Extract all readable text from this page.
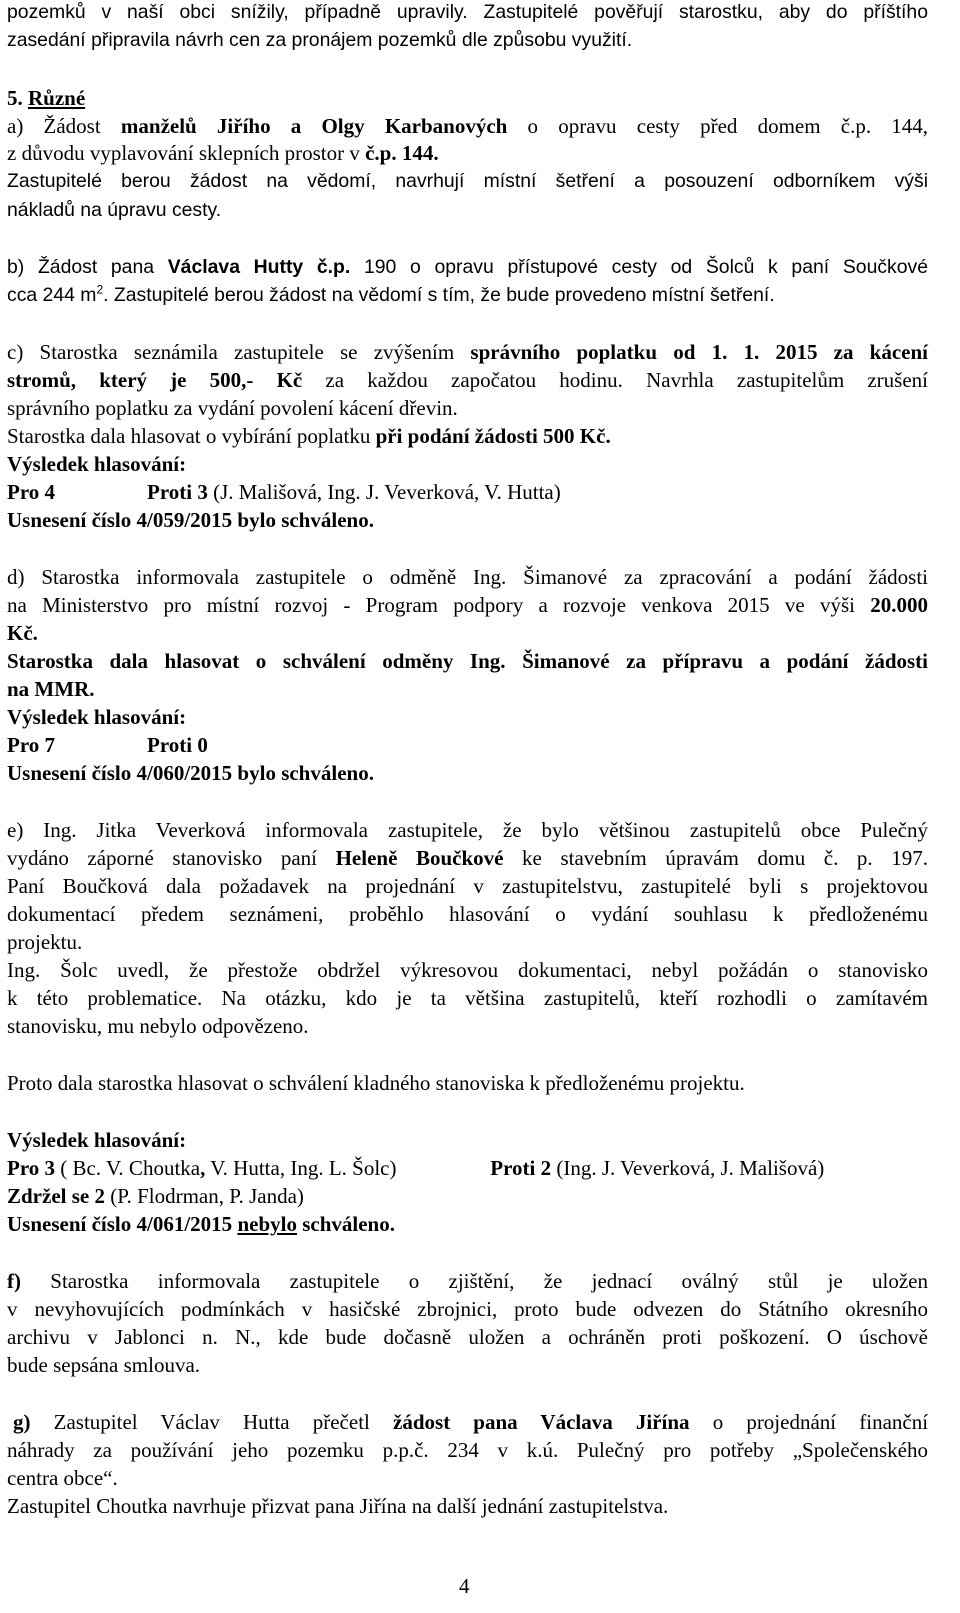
pozemků v naší obci snížily, případně upravily. Zastupitelé pověřují starostku, aby do příštího
zasedání připravila návrh cen za pronájem pozemků dle způsobu využití.
5. Různé
a) Žádost manželů Jiřího a Olgy Karbanových o opravu cesty před domem č.p. 144,
z důvodu vyplavování sklepních prostor v č.p. 144.
Zastupitelé berou žádost na vědomí, navrhují místní šetření a posouzení odborníkem výši
nákladů na úpravu cesty.
b) Žádost pana Václava Hutty č.p. 190 o opravu přístupové cesty od Šolců k paní Součkové
cca 244 $m^2$. Zastupitelé berou žádost na vědomí s tím, že bude provedeno místní šetření.
c) Starostka seznámila zastupitele se zvýšením správního poplatku od 1. 1. 2015 za kácení
stromů, který je 500,- Kč za každou započatou hodinu. Navrhla zastupitelům zrušení
správního poplatku za vydání povolení kácení dřevin.
Starostka dala hlasovat o vybírání poplatku při podání žádosti 500 Kč.
Výsledek hlasování:
Pro 4	Proti 3 (J. Mališová, Ing. J. Veverková, V. Hutta)
Usnesení číslo 4/059/2015 bylo schváleno.
d) Starostka informovala zastupitele o odměně Ing. Šimanové za zpracování a podání žádosti
na Ministerstvo pro místní rozvoj - Program podpory a rozvoje venkova 2015 ve výši 20.000
Kč.
Starostka dala hlasovat o schválení odměny Ing. Šimanové za přípravu a podání žádosti
na MMR.
Výsledek hlasování:
Pro 7	Proti 0
Usnesení číslo 4/060/2015 bylo schváleno.
e) Ing. Jitka Veverková informovala zastupitele, že bylo většinou zastupitelů obce Pulečný
vydáno záporné stanovisko paní Heleně Boučkové ke stavebním úpravám domu č. p. 197.
Paní Boučková dala požadavek na projednání v zastupitelstvu, zastupitelé byli s projektovou
dokumentací předem seznámeni, proběhlo hlasování o vydání souhlasu k předloženému
projektu.
Ing. Šolc uvedl, že přestože obdržel výkresovou dokumentaci, nebyl požádán o stanovisko
k této problematice. Na otázku, kdo je ta většina zastupitelů, kteří rozhodli o zamítavém
stanovisku, mu nebylo odpovězeno.
Proto dala starostka hlasovat o schválení kladného stanoviska k předloženému projektu.
Výsledek hlasování:
Pro 3 ( Bc. V. Choutka, V. Hutta, Ing. L. Šolc)	Proti 2 (Ing. J. Veverková, J. Mališová)
Zdržel se 2 (P. Flodrman, P. Janda)
Usnesení číslo 4/061/2015 nebylo schváleno.
f) Starostka informovala zastupitele o zjištění, že jednací oválný stůl je uložen
v nevyhovujících podmínkách v hasičské zbrojnici, proto bude odvezen do Státního okresního
archivu v Jablonci n. N., kde bude dočasně uložen a ochráněn proti poškození. O úschově
bude sepsána smlouva.
g) Zastupitel Václav Hutta přečetl žádost pana Václava Jiřína o projednání finanční
náhrady za používání jeho pozemku p.p.č. 234 v k.ú. Pulečný pro potřeby „Společenského
centra obce“.
Zastupitel Choutka navrhuje přizvat pana Jiřína na další jednání zastupitelstva.
4
